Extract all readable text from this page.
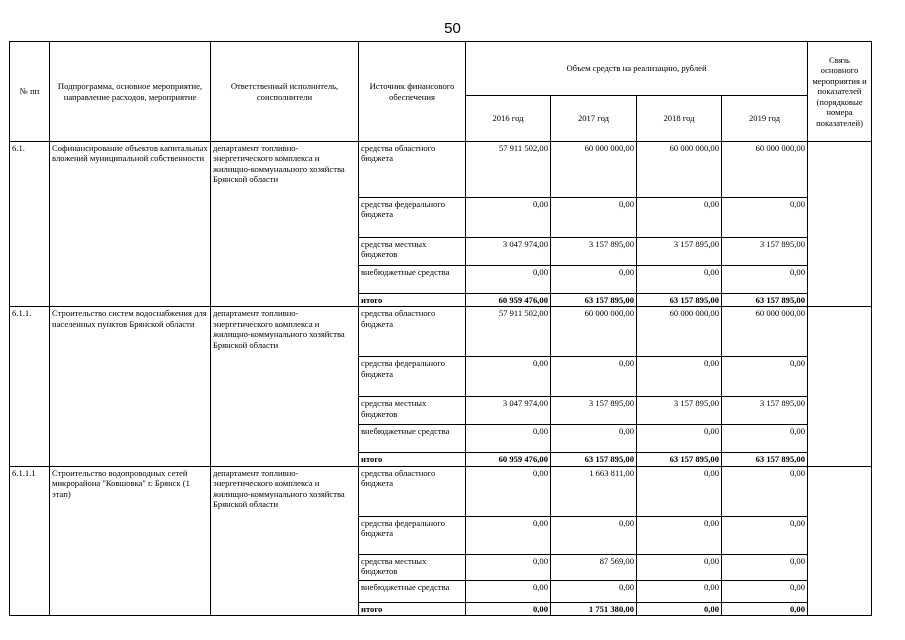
50
№ пп	Подпрограмма, основное мероприятие, направление расходов, мероприятие	Ответственный исполнитель, соисполнители	Источник финансового обеспечения	Объем средств на реализацию, рублей				Связь основного мероприятия и показателей (порядковые номера показателей)
				2016 год	2017 год	2018 год	2019 год	
6.1.	Софинансирование объектов капитальных вложений муниципальной собственности	департамент топливно-энергетического комплекса и жилищно-коммунального хозяйства Брянской области	средства областного бюджета	57 911 502,00	60 000 000,00	60 000 000,00	60 000 000,00	
			средства федерального бюджета	0,00	0,00	0,00	0,00	
			средства местных бюджетов	3 047 974,00	3 157 895,00	3 157 895,00	3 157 895,00	
			внебюджетные средства	0,00	0,00	0,00	0,00	
			итого	60 959 476,00	63 157 895,00	63 157 895,00	63 157 895,00	
6.1.1.	Строительство систем водоснабжения для населенных пунктов Брянской области	департамент топливно-энергетического комплекса и жилищно-коммунального хозяйства Брянской области	средства областного бюджета	57 911 502,00	60 000 000,00	60 000 000,00	60 000 000,00	
			средства федерального бюджета	0,00	0,00	0,00	0,00	
			средства местных бюджетов	3 047 974,00	3 157 895,00	3 157 895,00	3 157 895,00	
			внебюджетные средства	0,00	0,00	0,00	0,00	
			итого	60 959 476,00	63 157 895,00	63 157 895,00	63 157 895,00	
6.1.1.1	Строительство водопроводных сетей микрорайона "Ковшовка" г. Брянск (1 этап)	департамент топливно-энергетического комплекса и жилищно-коммунального хозяйства Брянской области	средства областного бюджета	0,00	1 663 811,00	0,00	0,00	
			средства федерального бюджета	0,00	0,00	0,00	0,00	
			средства местных бюджетов	0,00	87 569,00	0,00	0,00	
			внебюджетные средства	0,00	0,00	0,00	0,00	
			итого	0,00	1 751 380,00	0,00	0,00	
